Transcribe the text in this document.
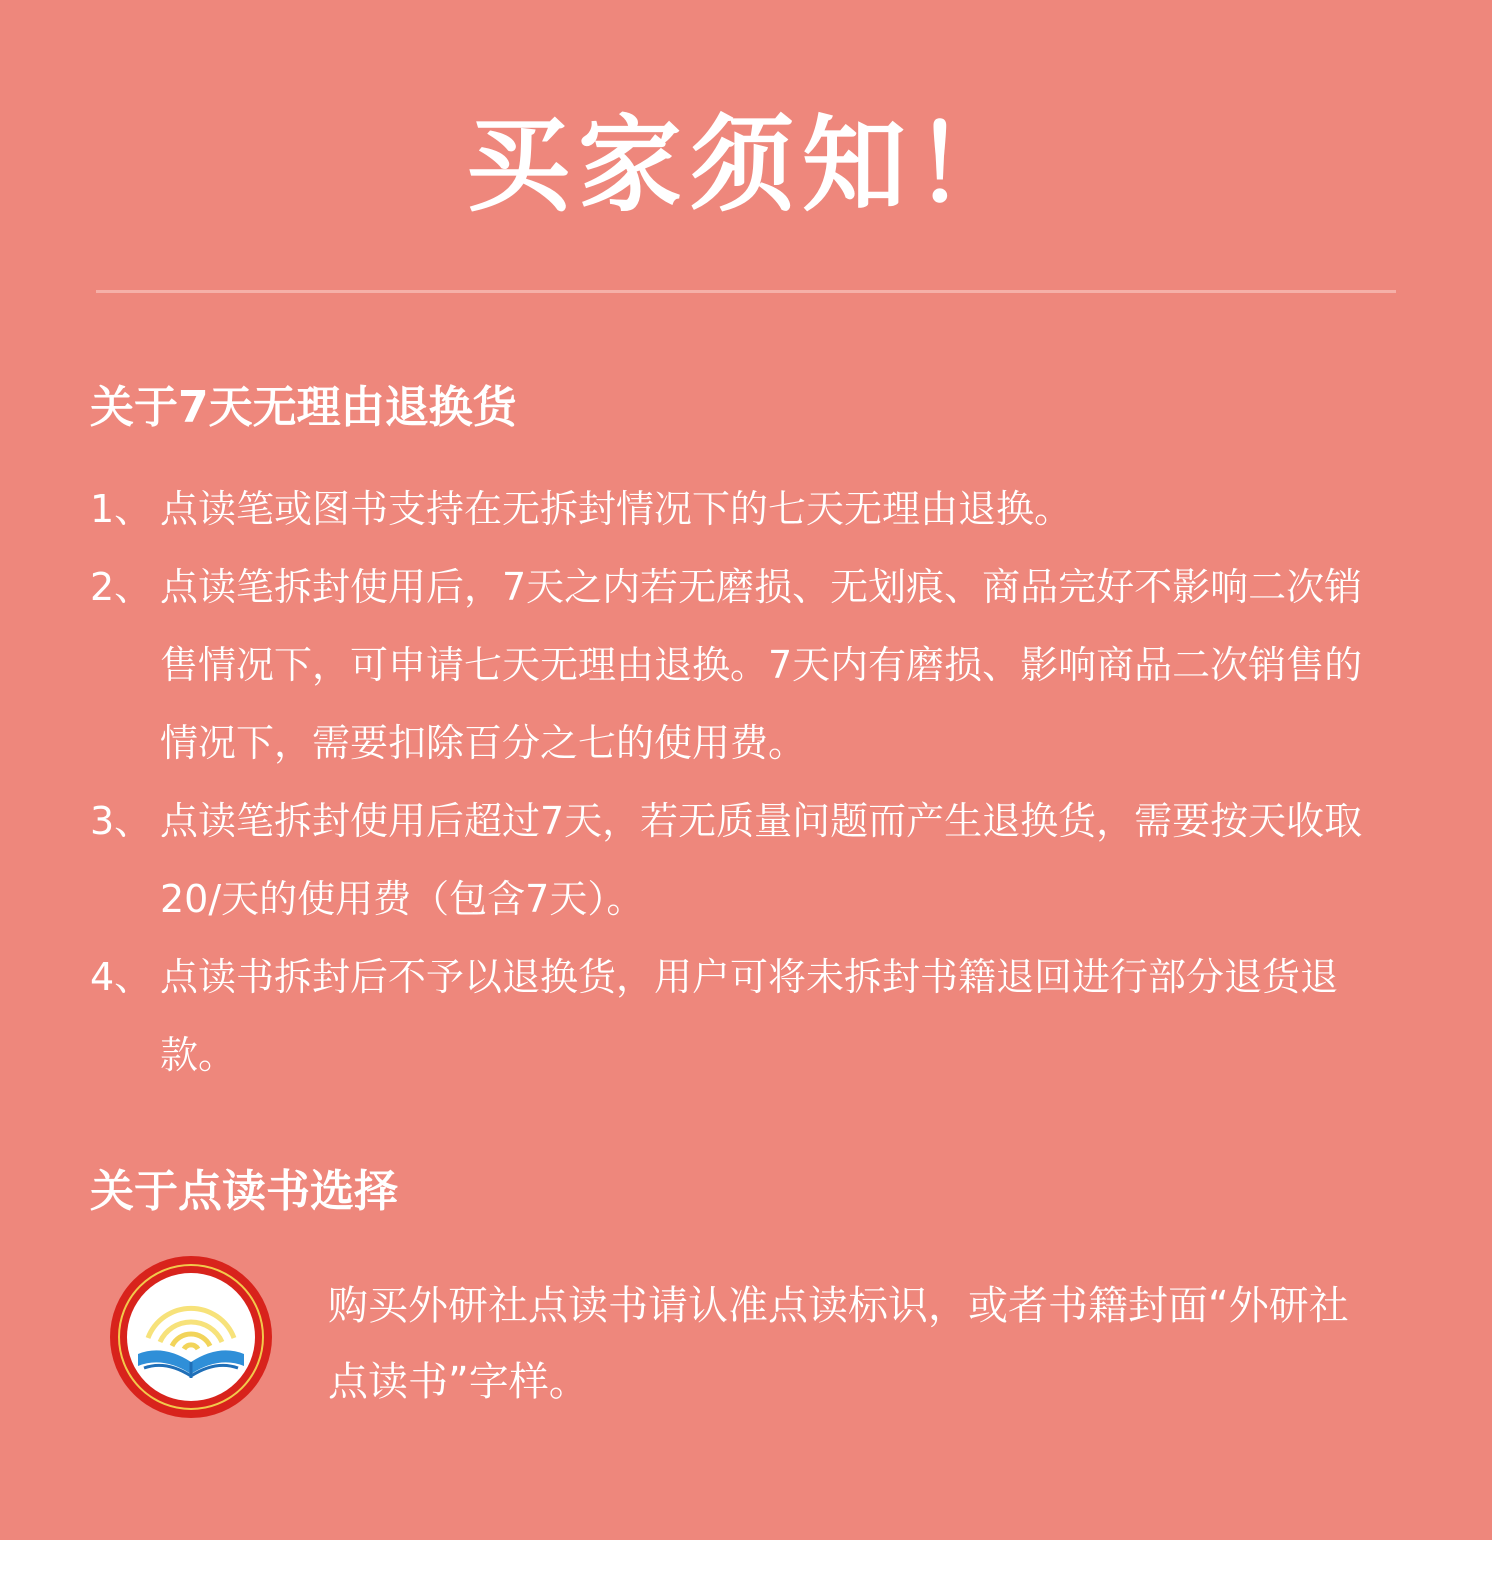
买家须知！
关于7天无理由退换货
1、 点读笔或图书支持在无拆封情况下的七天无理由退换。
2、 点读笔拆封使用后，7天之内若无磨损、无划痕、商品完好不影响二次销售情况下，可申请七天无理由退换。7天内有磨损、影响商品二次销售的情况下，需要扣除百分之七的使用费。
3、 点读笔拆封使用后超过7天，若无质量问题而产生退换货，需要按天收取20/天的使用费（包含7天）。
4、 点读书拆封后不予以退换货，用户可将未拆封书籍退回进行部分退货退款。
关于点读书选择
购买外研社点读书请认准点读标识，或者书籍封面“外研社点读书”字样。
